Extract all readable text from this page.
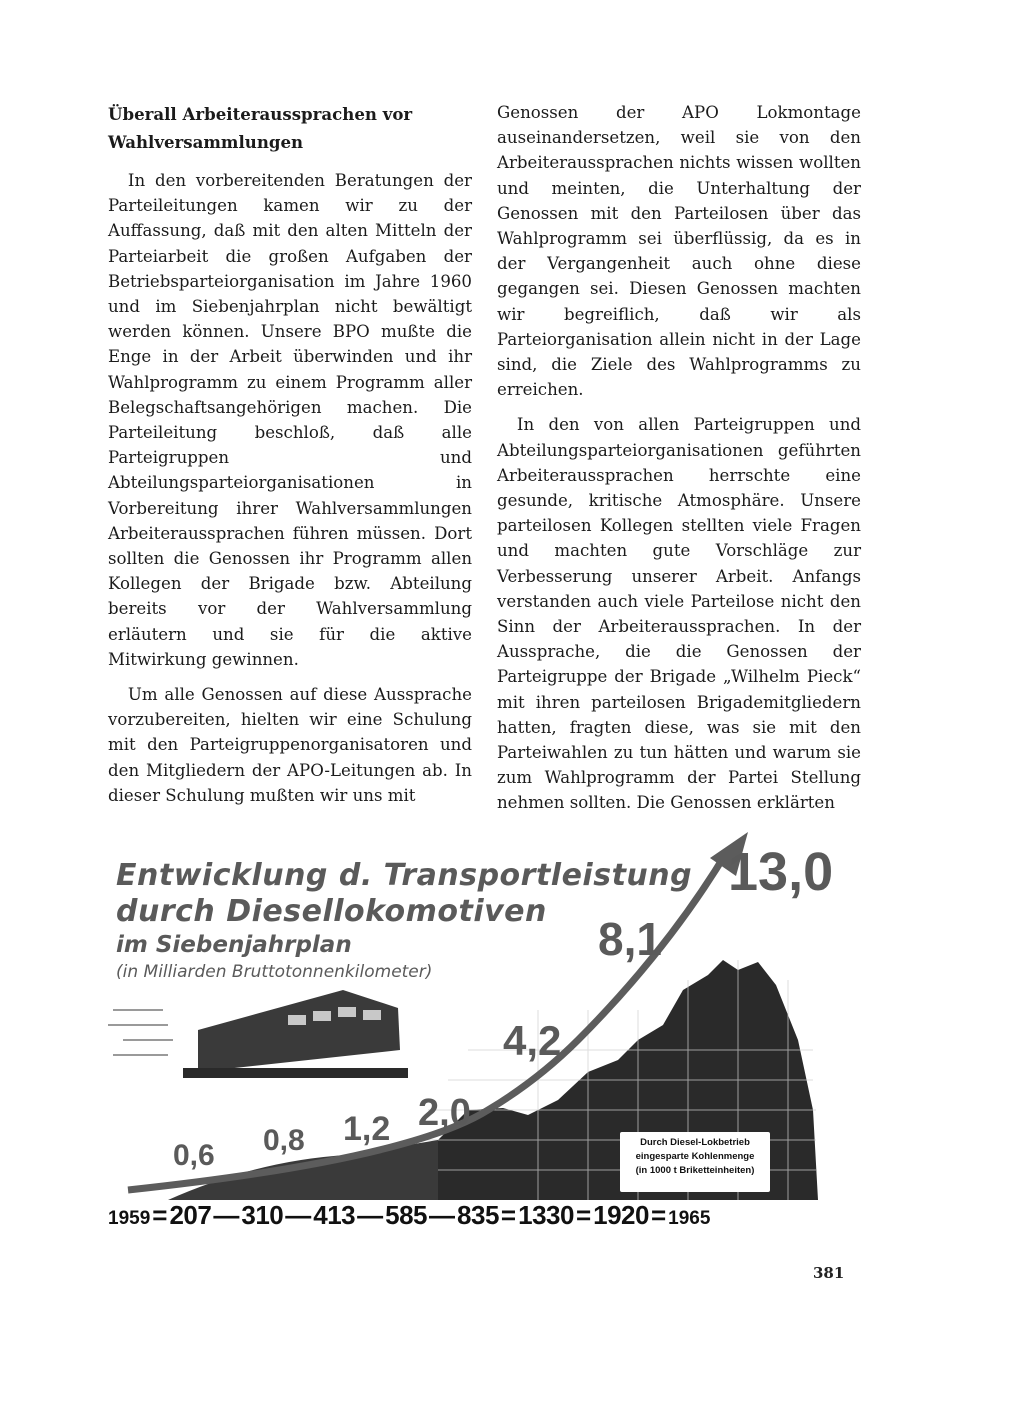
Überall Arbeiteraussprachen vor
Wahlversammlungen

In den vorbereitenden Beratungen der Parteileitungen kamen wir zu der Auffassung, daß mit den alten Mitteln der Parteiarbeit die großen Aufgaben der Betriebsparteiorganisation im Jahre 1960 und im Siebenjahrplan nicht bewältigt werden können. Unsere BPO mußte die Enge in der Arbeit überwinden und ihr Wahlprogramm zu einem Programm aller Belegschaftsangehörigen machen. Die Parteileitung beschloß, daß alle Parteigruppen und Abteilungsparteiorganisationen in Vorbereitung ihrer Wahlversammlungen Arbeiteraussprachen führen müssen. Dort sollten die Genossen ihr Programm allen Kollegen der Brigade bzw. Abteilung bereits vor der Wahlversammlung erläutern und sie für die aktive Mitwirkung gewinnen.

Um alle Genossen auf diese Aussprache vorzubereiten, hielten wir eine Schulung mit den Parteigruppenorganisatoren und den Mitgliedern der APO-Leitungen ab. In dieser Schulung mußten wir uns mit

Genossen der APO Lokmontage auseinandersetzen, weil sie von den Arbeiteraussprachen nichts wissen wollten und meinten, die Unterhaltung der Genossen mit den Parteilosen über das Wahlprogramm sei überflüssig, da es in der Vergangenheit auch ohne diese gegangen sei. Diesen Genossen machten wir begreiflich, daß wir als Parteiorganisation allein nicht in der Lage sind, die Ziele des Wahlprogramms zu erreichen.

In den von allen Parteigruppen und Abteilungsparteiorganisationen geführten Arbeiteraussprachen herrschte eine gesunde, kritische Atmosphäre. Unsere parteilosen Kollegen stellten viele Fragen und machten gute Vorschläge zur Verbesserung unserer Arbeit. Anfangs verstanden auch viele Parteilose nicht den Sinn der Arbeiteraussprachen. In der Aussprache, die die Genossen der Parteigruppe der Brigade „Wilhelm Pieck“ mit ihren parteilosen Brigademitgliedern hatten, fragten diese, was sie mit den Parteiwahlen zu tun hätten und warum sie zum Wahlprogramm der Partei Stellung nehmen sollten. Die Genossen erklärten

0,6 0,8 1,2 2,0
4,2
8,1
13,0
Entwicklung d. Transportleistung
durch Diesellokomotiven
im Siebenjahrplan
(in Milliarden Bruttotonnenkilometer)
Durch Diesel-Lokbetrieb
eingesparte Kohlenmenge
(in 1000 t Briketteinheiten)
1959=207—310—413—585—835=1330=1920= 1965
381
